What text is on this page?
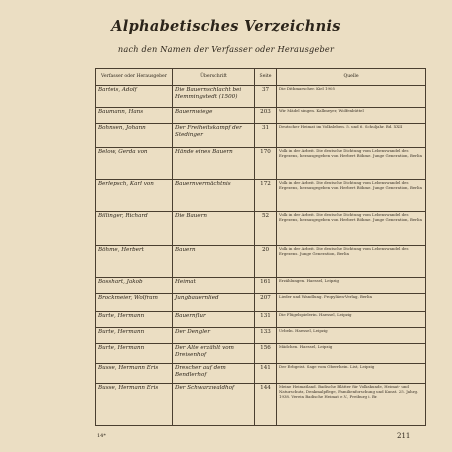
Alphabetisches Verzeichnis
nach den Namen der Verfasser oder Herausgeber
Verfasser oder Herausgeber	Überschrift	Seite	Quelle
Barteis, Adolf	Die Bauernschlacht bei Hemmingstedt (1500)	37	Die Dithmarscher. Kiel 1905
Baumann, Hans	Bauernwiege	203	Wir Mädel singen. Kallmeyer, Wolfenbüttel
Bohnsen, Johann	Der Freiheitskampf der Stedinger	31	Deutscher Heimat im Volksleben. 5. und 6. Schuljahr. Bd. XXII
Below, Gerda von	Hände eines Bauern	170	Volk in der Arbeit. Die deutsche Dichtung vom Lebenswandel des Ergezens, herausgegeben von Herbert Böhme. Junge Generation, Berlin
Berlepsch, Karl von	Bauernvermächtnis	172	Volk in der Arbeit. Die deutsche Dichtung vom Lebenswandel des Ergezens, herausgegeben von Herbert Böhme. Junge Generation, Berlin
Billinger, Richard	Die Bauern	52	Volk in der Arbeit. Die deutsche Dichtung vom Lebenswandel des Ergezens, herausgegeben von Herbert Böhme. Junge Generation, Berlin
Böhme, Herbert	Bauern	20	Volk in der Arbeit. Die deutsche Dichtung vom Lebenswandel des Ergezens. Junge Generation, Berlin
Bosshart, Jakob	Heimat	161	Erzählungen. Haessel, Leipzig
Brockmeier, Wolfram	Jungbauernlied	207	Lieder und Wandlung. Propyläen-Verlag, Berlin
Burte, Hermann	Bauernflur	131	Die Flügelspielerin. Haessel, Leipzig
Burte, Hermann	Der Dengler	133	Urbeln. Haessel, Leipzig
Burte, Hermann	Der Alte erzählt vom Dreisenhof	156	Mädchen. Haessel, Leipzig
Busse, Hermann Eris	Drescher auf dem Bendlerhof	141	Der Erbgeist. Sage vom Oberrhein. List, Leipzig
Busse, Hermann Eris	Der Schwarzwaldhof	144	Meine Heimatland. Badische Blätter für Volkskunde, Heimat- und Naturschutz, Denkmalpflege, Familienforschung und Kunst. 25. Jahrg. 1938. Verein Badische Heimat e.V., Freiburg i. Br.
14*	211
